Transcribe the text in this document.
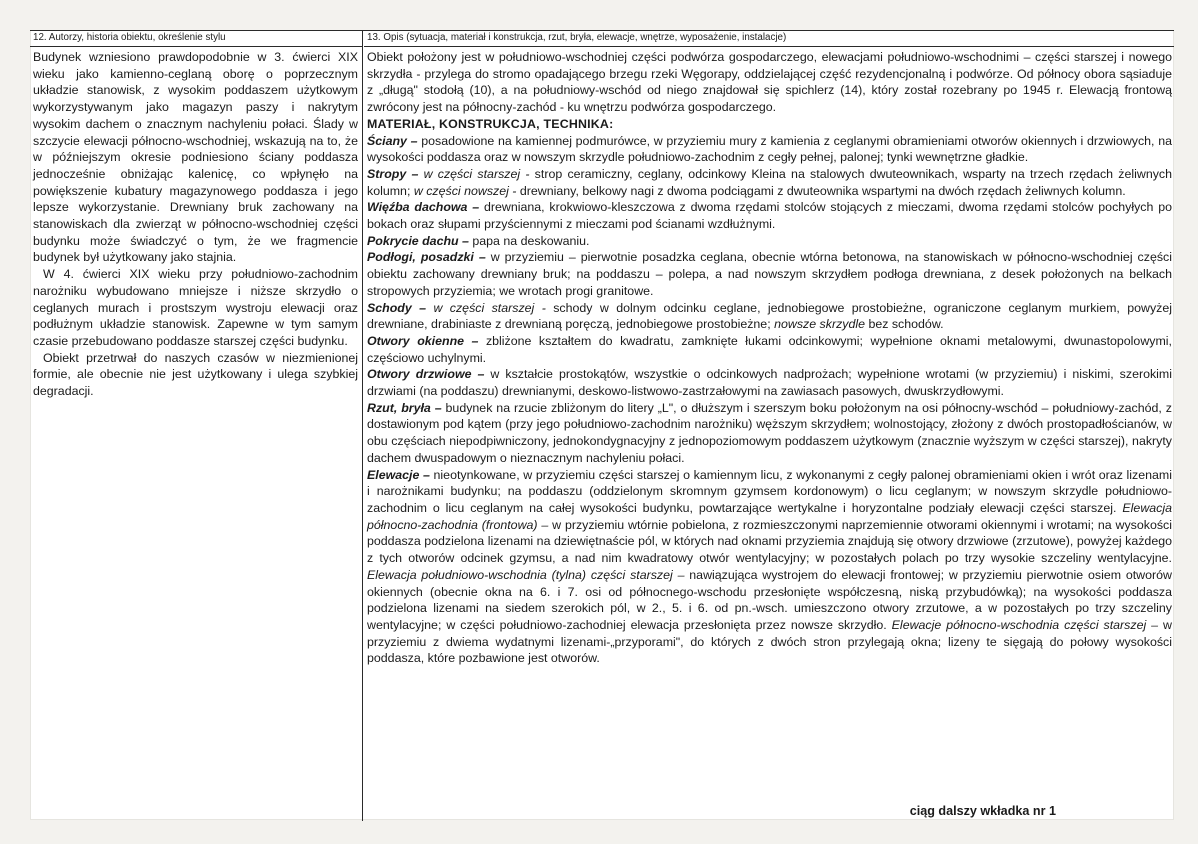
12. Autorzy, historia obiektu, określenie stylu

Budynek wzniesiono prawdopodobnie w 3. ćwierci XIX wieku jako kamienno-ceglaną oborę o poprzecznym układzie stanowisk, z wysokim poddaszem użytkowym wykorzystywanym jako magazyn paszy i nakrytym wysokim dachem o znacznym nachyleniu połaci. Ślady w szczycie elewacji północno-wschodniej, wskazują na to, że w późniejszym okresie podniesiono ściany poddasza jednocześnie obniżając kalenicę, co wpłynęło na powiększenie kubatury magazynowego poddasza i jego lepsze wykorzystanie. Drewniany bruk zachowany na stanowiskach dla zwierząt w północno-wschodniej części budynku może świadczyć o tym, że we fragmencie budynek był użytkowany jako stajnia.

W 4. ćwierci XIX wieku przy południowo-zachodnim narożniku wybudowano mniejsze i niższe skrzydło o ceglanych murach i prostszym wystroju elewacji oraz podłużnym układzie stanowisk. Zapewne w tym samym czasie przebudowano poddasze starszej części budynku.

Obiekt przetrwał do naszych czasów w niezmienionej formie, ale obecnie nie jest użytkowany i ulega szybkiej degradacji.

13. Opis (sytuacja, materiał i konstrukcja, rzut, bryła, elewacje, wnętrze, wyposażenie, instalacje)

Obiekt położony jest w południowo-wschodniej części podwórza gospodarczego, elewacjami południowo-wschodnimi – części starszej i nowego skrzydła - przylega do stromo opadającego brzegu rzeki Węgorapy, oddzielającej część rezydencjonalną i podwórze. Od północy obora sąsiaduje z „długą" stodołą (10), a na południowy-wschód od niego znajdował się spichlerz (14), który został rozebrany po 1945 r. Elewacją frontową zwrócony jest na północny-zachód - ku wnętrzu podwórza gospodarczego.

MATERIAŁ, KONSTRUKCJA, TECHNIKA:

Ściany – posadowione na kamiennej podmurówce, w przyziemiu mury z kamienia z ceglanymi obramieniami otworów okiennych i drzwiowych, na wysokości poddasza oraz w nowszym skrzydle południowo-zachodnim z cegły pełnej, palonej; tynki wewnętrzne gładkie.

Stropy – w części starszej - strop ceramiczny, ceglany, odcinkowy Kleina na stalowych dwuteownikach, wsparty na trzech rzędach żeliwnych kolumn; w części nowszej - drewniany, belkowy nagi z dwoma podciągami z dwuteownika wspartymi na dwóch rzędach żeliwnych kolumn.

Więźba dachowa – drewniana, krokwiowo-kleszczowa z dwoma rzędami stolców stojących z mieczami, dwoma rzędami stolców pochyłych po bokach oraz słupami przyściennymi z mieczami pod ścianami wzdłużnymi.

Pokrycie dachu – papa na deskowaniu.

Podłogi, posadzki – w przyziemiu – pierwotnie posadzka ceglana, obecnie wtórna betonowa, na stanowiskach w północno-wschodniej części obiektu zachowany drewniany bruk; na poddaszu – polepa, a nad nowszym skrzydłem podłoga drewniana, z desek położonych na belkach stropowych przyziemia; we wrotach progi granitowe.

Schody – w części starszej - schody w dolnym odcinku ceglane, jednobiegowe prostobieżne, ograniczone ceglanym murkiem, powyżej drewniane, drabiniaste z drewnianą poręczą, jednobiegowe prostobieżne; nowsze skrzydle bez schodów.

Otwory okienne – zbliżone kształtem do kwadratu, zamknięte łukami odcinkowymi; wypełnione oknami metalowymi, dwunastopolowymi, częściowo uchylnymi.

Otwory drzwiowe – w kształcie prostokątów, wszystkie o odcinkowych nadprożach; wypełnione wrotami (w przyziemiu) i niskimi, szerokimi drzwiami (na poddaszu) drewnianymi, deskowo-listwowo-zastrzałowymi na zawiasach pasowych, dwuskrzydłowymi.

Rzut, bryła – budynek na rzucie zbliżonym do litery „L", o dłuższym i szerszym boku położonym na osi północny-wschód – południowy-zachód, z dostawionym pod kątem (przy jego południowo-zachodnim narożniku) węższym skrzydłem; wolnostojący, złożony z dwóch prostopadłościanów, w obu częściach niepodpiwniczony, jednokondygnacyjny z jednopoziomowym poddaszem użytkowym (znacznie wyższym w części starszej), nakryty dachem dwuspadowym o nieznacznym nachyleniu połaci.

Elewacje – nieotynkowane, w przyziemiu części starszej o kamiennym licu, z wykonanymi z cegły palonej obramieniami okien i wrót oraz lizenami i narożnikami budynku; na poddaszu (oddzielonym skromnym gzymsem kordonowym) o licu ceglanym; w nowszym skrzydle południowo-zachodnim o licu ceglanym na całej wysokości budynku, powtarzające wertykalne i horyzontalne podziały elewacji części starszej. Elewacja północno-zachodnia (frontowa) – w przyziemiu wtórnie pobielona, z rozmieszczonymi naprzemiennie otworami okiennymi i wrotami; na wysokości poddasza podzielona lizenami na dziewiętnaście pól, w których nad oknami przyziemia znajdują się otwory drzwiowe (zrzutowe), powyżej każdego z tych otworów odcinek gzymsu, a nad nim kwadratowy otwór wentylacyjny; w pozostałych polach po trzy wysokie szczeliny wentylacyjne. Elewacja południowo-wschodnia (tylna) części starszej – nawiązująca wystrojem do elewacji frontowej; w przyziemiu pierwotnie osiem otworów okiennych (obecnie okna na 6. i 7. osi od północnego-wschodu przesłonięte współczesną, niską przybudówką); na wysokości poddasza podzielona lizenami na siedem szerokich pól, w 2., 5. i 6. od pn.-wsch. umieszczono otwory zrzutowe, a w pozostałych po trzy szczeliny wentylacyjne; w części południowo-zachodniej elewacja przesłonięta przez nowsze skrzydło. Elewacje północno-wschodnia części starszej – w przyziemiu z dwiema wydatnymi lizenami-„przyporami", do których z dwóch stron przylegają okna; lizeny te sięgają do połowy wysokości poddasza, które pozbawione jest otworów.

ciąg dalszy wkładka nr 1
